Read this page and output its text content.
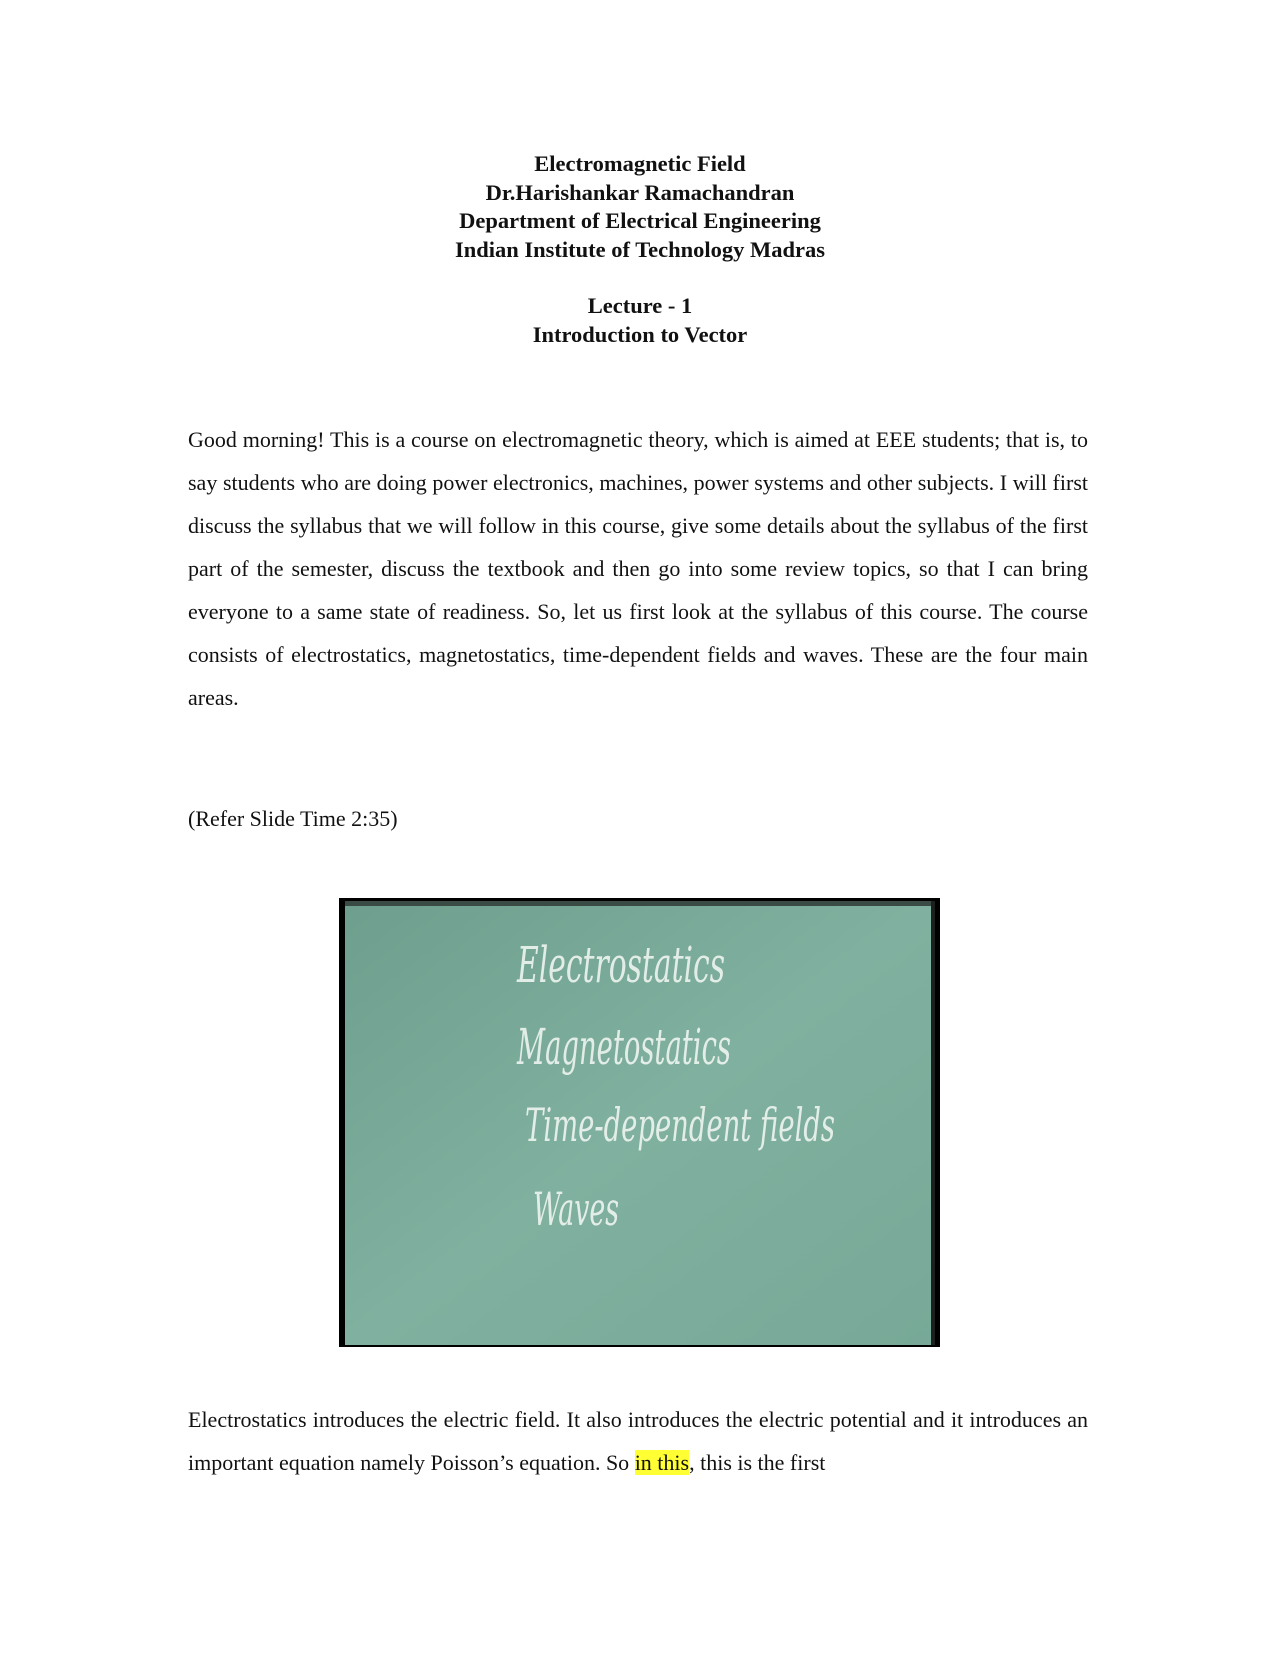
Electromagnetic Field
Dr.Harishankar Ramachandran
Department of Electrical Engineering
Indian Institute of Technology Madras
Lecture - 1
Introduction to Vector

Good morning! This is a course on electromagnetic theory, which is aimed at EEE students; that is, to say students who are doing power electronics, machines, power systems and other subjects. I will first discuss the syllabus that we will follow in this course, give some details about the syllabus of the first part of the semester, discuss the textbook and then go into some review topics, so that I can bring everyone to a same state of readiness. So, let us first look at the syllabus of this course. The course consists of electrostatics, magnetostatics, time-dependent fields and waves. These are the four main areas.

(Refer Slide Time 2:35)

Electrostatics
Magnetostatics
Time-dependent fields
Waves

Electrostatics introduces the electric field. It also introduces the electric potential and it introduces an important equation namely Poisson’s equation. So in this, this is the first
